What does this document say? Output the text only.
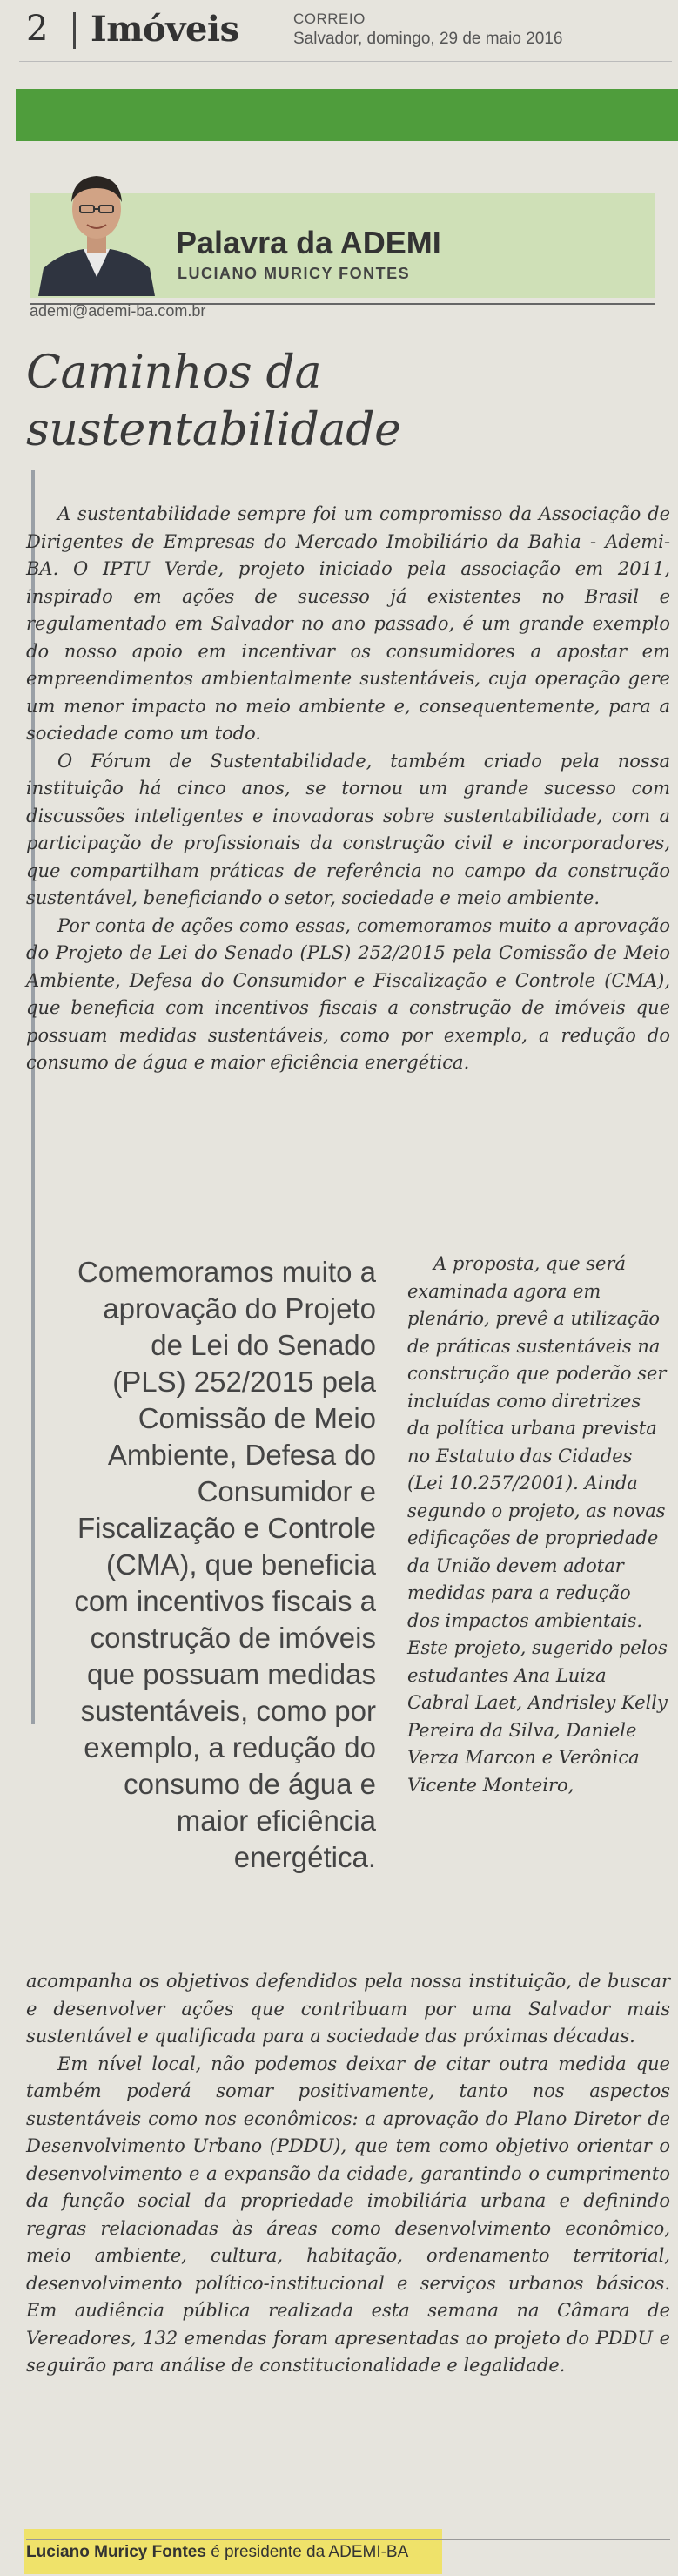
2 Imóveis	CORREIO
Salvador, domingo, 29 de maio 2016
Palavra da ADEMI
LUCIANO MURICY FONTES
ademi@ademi-ba.com.br
Caminhos da
sustentabilidade

A sustentabilidade sempre foi um compromisso da Associação de Dirigentes de Empresas do Mercado Imobiliário da Bahia - Ademi-BA. O IPTU Verde, projeto iniciado pela associação em 2011, inspirado em ações de sucesso já existentes no Brasil e regulamentado em Salvador no ano passado, é um grande exemplo do nosso apoio em incentivar os consumidores a apostar em empreendimentos ambientalmente sustentáveis, cuja operação gere um menor impacto no meio ambiente e, consequentemente, para a sociedade como um todo.

O Fórum de Sustentabilidade, também criado pela nossa instituição há cinco anos, se tornou um grande sucesso com discussões inteligentes e inovadoras sobre sustentabilidade, com a participação de profissionais da construção civil e incorporadores, que compartilham práticas de referência no campo da construção sustentável, beneficiando o setor, sociedade e meio ambiente.

Por conta de ações como essas, comemoramos muito a aprovação do Projeto de Lei do Senado (PLS) 252/2015 pela Comissão de Meio Ambiente, Defesa do Consumidor e Fiscalização e Controle (CMA), que beneficia com incentivos fiscais a construção de imóveis que possuam medidas sustentáveis, como por exemplo, a redução do consumo de água e maior eficiência energética.

Comemoramos muito a aprovação do Projeto de Lei do Senado (PLS) 252/2015 pela Comissão de Meio Ambiente, Defesa do Consumidor e Fiscalização e Controle (CMA), que beneficia com incentivos fiscais a construção de imóveis que possuam medidas sustentáveis, como por exemplo, a redução do consumo de água e maior eficiência energética.

A proposta, que será examinada agora em plenário, prevê a utilização de práticas sustentáveis na construção que poderão ser incluídas como diretrizes da política urbana prevista no Estatuto das Cidades (Lei 10.257/2001). Ainda segundo o projeto, as novas edificações de propriedade da União devem adotar medidas para a redução dos impactos ambientais. Este projeto, sugerido pelos estudantes Ana Luiza Cabral Laet, Andrisley Kelly Pereira da Silva, Daniele Verza Marcon e Verônica Vicente Monteiro,

acompanha os objetivos defendidos pela nossa instituição, de buscar e desenvolver ações que contribuam por uma Salvador mais sustentável e qualificada para a sociedade das próximas décadas.

Em nível local, não podemos deixar de citar outra medida que também poderá somar positivamente, tanto nos aspectos sustentáveis como nos econômicos: a aprovação do Plano Diretor de Desenvolvimento Urbano (PDDU), que tem como objetivo orientar o desenvolvimento e a expansão da cidade, garantindo o cumprimento da função social da propriedade imobiliária urbana e definindo regras relacionadas às áreas como desenvolvimento econômico, meio ambiente, cultura, habitação, ordenamento territorial, desenvolvimento político-institucional e serviços urbanos básicos. Em audiência pública realizada esta semana na Câmara de Vereadores, 132 emendas foram apresentadas ao projeto do PDDU e seguirão para análise de constitucionalidade e legalidade.

Luciano Muricy Fontes é presidente da ADEMI-BA
